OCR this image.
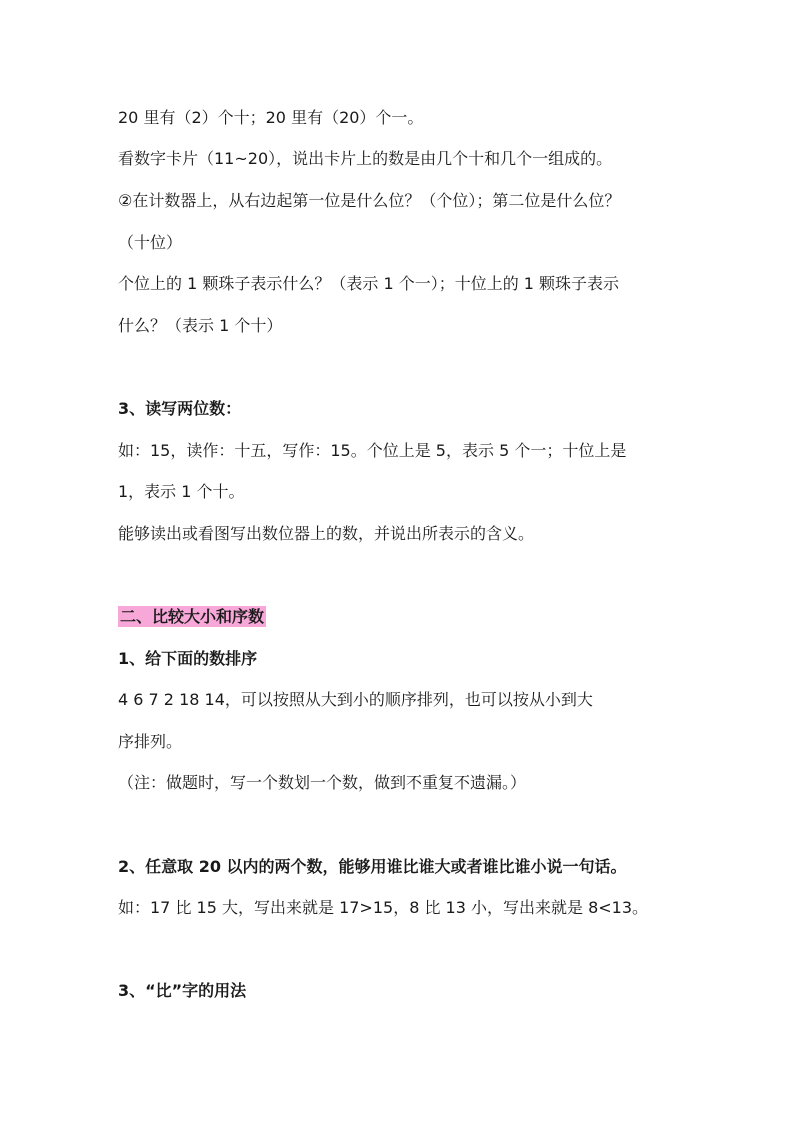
20 里有（2）个十；20 里有（20）个一。
看数字卡片（11~20），说出卡片上的数是由几个十和几个一组成的。
②在计数器上，从右边起第一位是什么位？（个位）；第二位是什么位？
（十位）
个位上的 1 颗珠子表示什么？（表示 1 个一）；十位上的 1 颗珠子表示
什么？（表示 1 个十）
3、读写两位数：
如：15，读作：十五，写作：15。个位上是 5，表示 5 个一；十位上是
1，表示 1 个十。
能够读出或看图写出数位器上的数，并说出所表示的含义。
二、比较大小和序数
1、给下面的数排序
4 6 7 2 18 14，可以按照从大到小的顺序排列，也可以按从小到大
序排列。
（注：做题时，写一个数划一个数，做到不重复不遗漏。）
2、任意取 20 以内的两个数，能够用谁比谁大或者谁比谁小说一句话。
如：17 比 15 大，写出来就是 17>15，8 比 13 小，写出来就是 8<13。
3、“比”字的用法
